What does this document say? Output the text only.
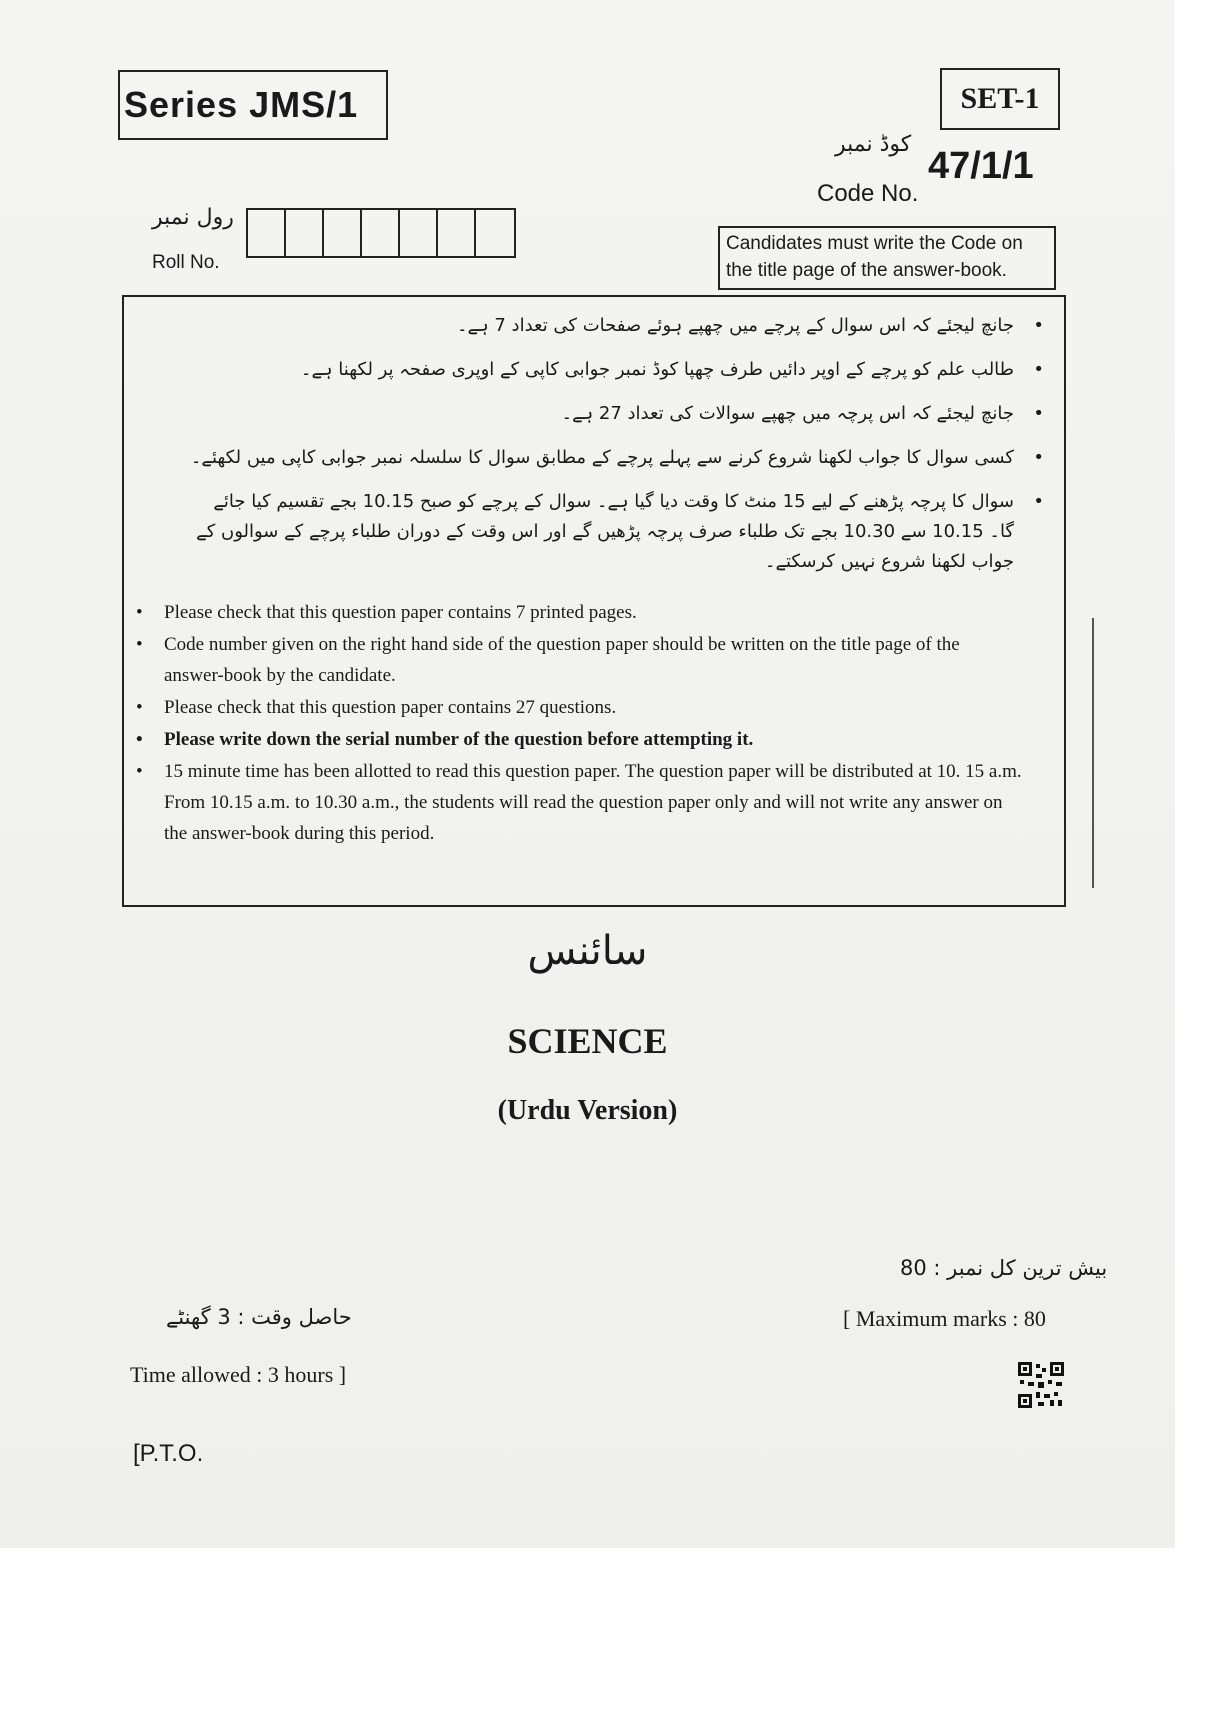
Series JMS/1	SET-1
کوڈ نمبر
47/1/1
Code No.
رول نمبر
Roll No.
Candidates must write the Code on the title page of the answer-book.
• جانچ لیجئے کہ اس سوال کے پرچے میں چھپے ہوئے صفحات کی تعداد 7 ہے۔
• طالب علم کو پرچے کے اوپر دائیں طرف چھپا کوڈ نمبر جوابی کاپی کے اوپری صفحہ پر لکھنا ہے۔
• جانچ لیجئے کہ اس پرچہ میں چھپے سوالات کی تعداد 27 ہے۔
• کسی سوال کا جواب لکھنا شروع کرنے سے پہلے پرچے کے مطابق سوال کا سلسلہ نمبر جوابی کاپی میں لکھئے۔
• سوال کا پرچہ پڑھنے کے لیے 15 منٹ کا وقت دیا گیا ہے۔ سوال کے پرچے کو صبح 10.15 بجے تقسیم کیا جائے گا۔ 10.15 سے 10.30 بجے تک طلباء صرف پرچہ پڑھیں گے اور اس وقت کے دوران طلباء پرچے کے سوالوں کے جواب لکھنا شروع نہیں کرسکتے۔
• Please check that this question paper contains 7 printed pages.
• Code number given on the right hand side of the question paper should be written on the title page of the answer-book by the candidate.
• Please check that this question paper contains 27 questions.
• Please write down the serial number of the question before attempting it.
• 15 minute time has been allotted to read this question paper. The question paper will be distributed at 10. 15 a.m. From 10.15 a.m. to 10.30 a.m., the students will read the question paper only and will not write any answer on the answer-book during this period.
سائنس
SCIENCE
(Urdu Version)
بیش ترین کل نمبر : 80
[ Maximum marks : 80
حاصل وقت : 3 گھنٹے
Time allowed : 3 hours ]
[P.T.O.
